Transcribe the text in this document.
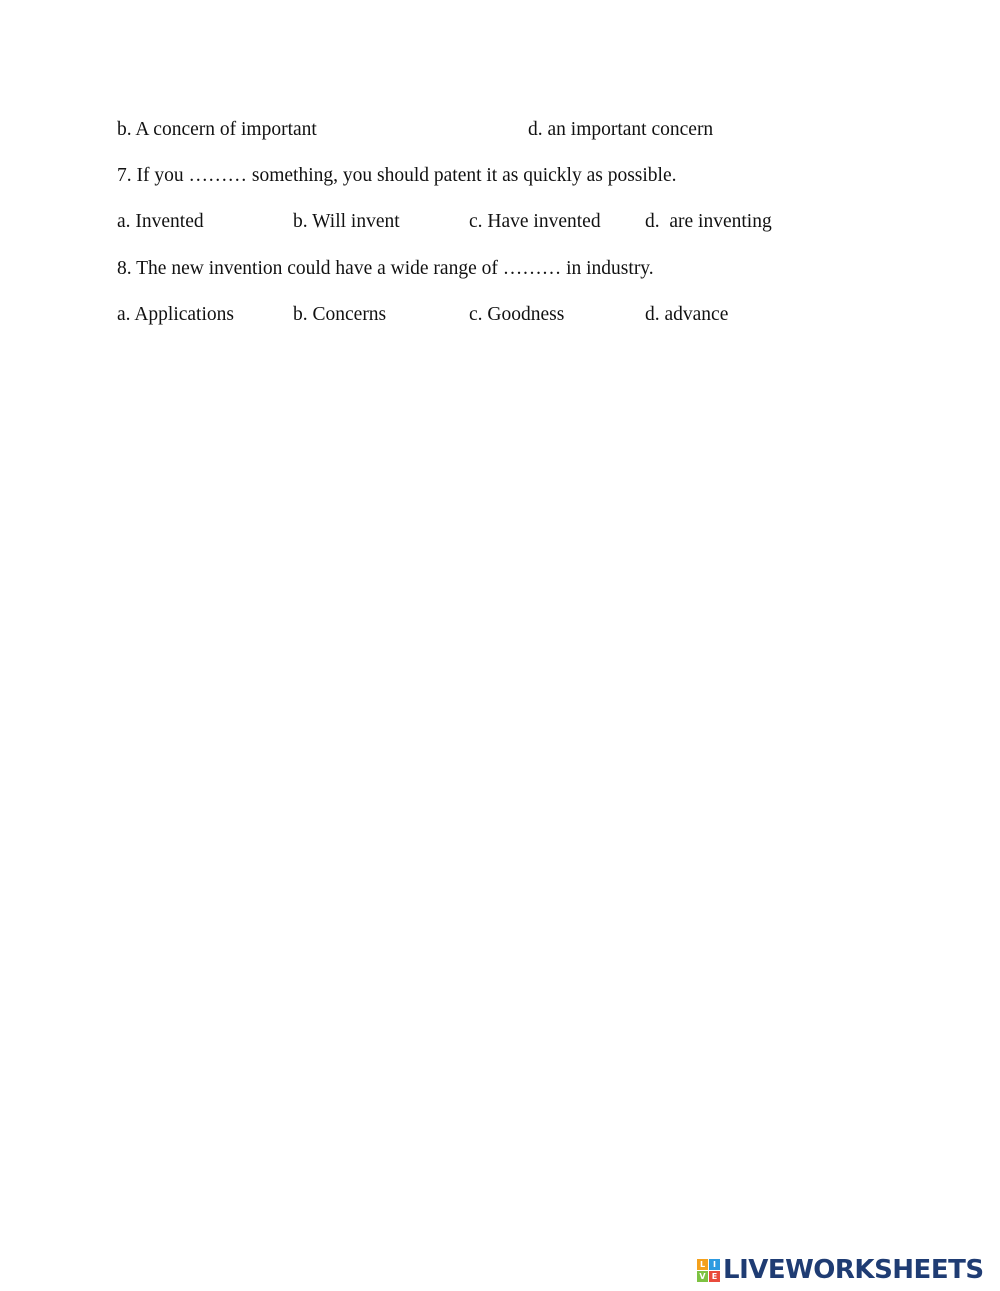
b. A concern of important	d. an important concern
7. If you ……… something, you should patent it as quickly as possible.
a. Invented	b. Will invent	c. Have invented d.  are inventing
8. The new invention could have a wide range of ……… in industry.
a. Applications	b. Concerns	c. Goodness	d. advance
L I
V E LIVEWORKSHEETS
